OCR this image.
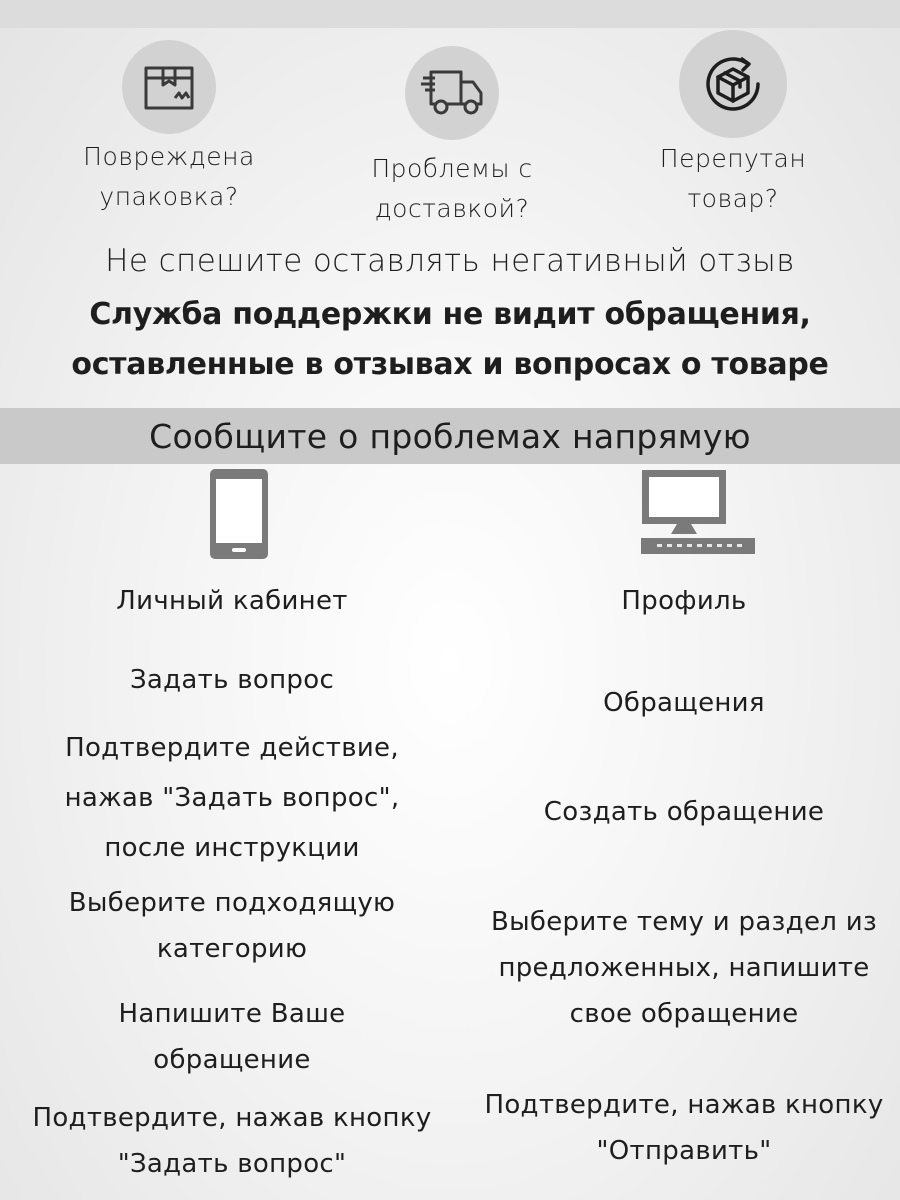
Повреждена
упаковка?
Проблемы с
доставкой?
Перепутан
товар?
Не спешите оставлять негативный отзыв
Служба поддержки не видит обращения,
оставленные в отзывах и вопросах о товаре
Сообщите о проблемах напрямую
Личный кабинет
Задать вопрос
Подтвердите действие,
нажав "Задать вопрос",
после инструкции
Выберите подходящую
категорию
Напишите Ваше
обращение
Подтвердите, нажав кнопку
"Задать вопрос"
Профиль
Обращения
Создать обращение
Выберите тему и раздел из
предложенных, напишите
свое обращение
Подтвердите, нажав кнопку
"Отправить"
